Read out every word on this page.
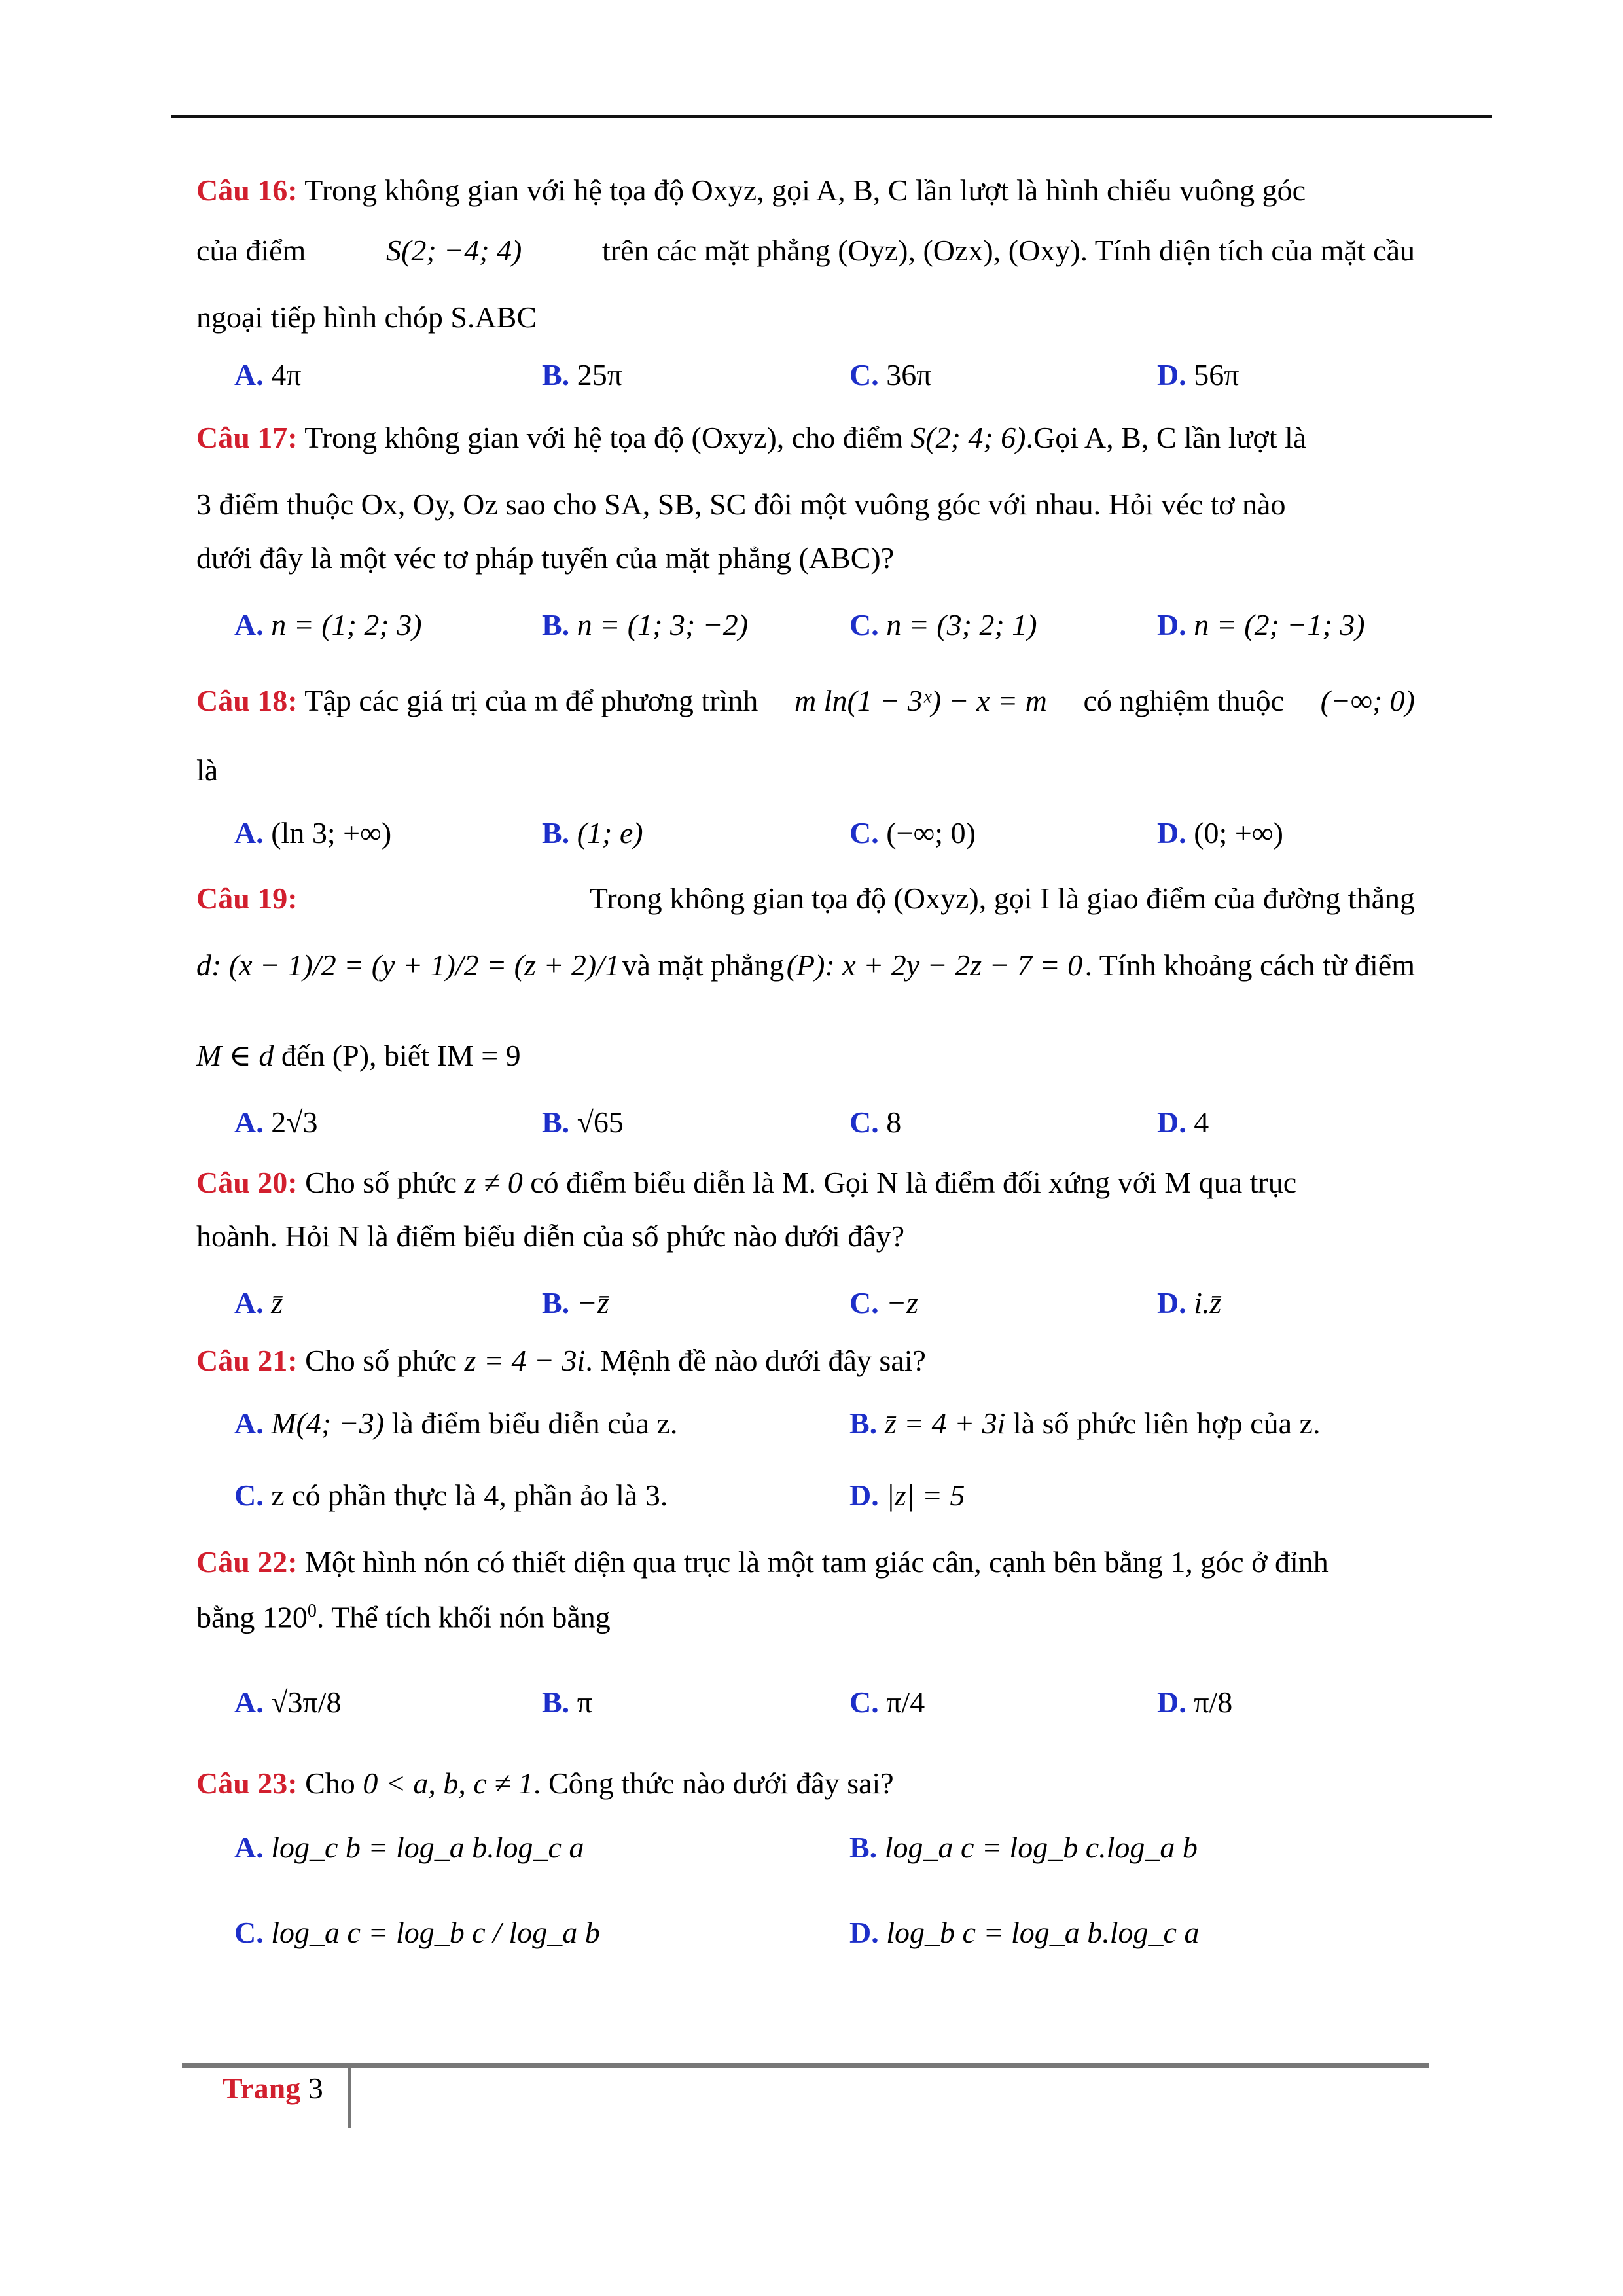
Câu 16: Trong không gian với hệ tọa độ Oxyz, gọi A, B, C lần lượt là hình chiếu vuông góc
của điểm	S(2; −4; 4)	trên các mặt phẳng (Oyz), (Ozx), (Oxy). Tính diện tích của mặt cầu
ngoại tiếp hình chóp S.ABC
A. 4π	B. 25π	C. 36π	D. 56π
Câu 17: Trong không gian với hệ tọa độ (Oxyz), cho điểm S(2; 4; 6).Gọi A, B, C lần lượt là
3 điểm thuộc Ox, Oy, Oz sao cho SA, SB, SC đôi một vuông góc với nhau. Hỏi véc tơ nào
dưới đây là một véc tơ pháp tuyến của mặt phẳng (ABC)?
A. n = (1; 2; 3)	B. n = (1; 3; −2)	C. n = (3; 2; 1)	D. n = (2; −1; 3)
Câu 18: Tập các giá trị của m để phương trình m ln(1 − 3ˣ) − x = m có nghiệm thuộc (−∞; 0)
là
A. (ln 3; +∞)	B. (1; e)	C. (−∞; 0)	D. (0; +∞)
Câu 19:	Trong không gian tọa độ (Oxyz), gọi I là giao điểm của đường thẳng
d: (x − 1)/2 = (y + 1)/2 = (z + 2)/1 và mặt phẳng (P): x + 2y − 2z − 7 = 0 . Tính khoảng cách từ điểm
M ∈ d đến (P), biết IM = 9
A. 2√3	B. √65	C. 8	D. 4
Câu 20: Cho số phức z ≠ 0 có điểm biểu diễn là M. Gọi N là điểm đối xứng với M qua trục
hoành. Hỏi N là điểm biểu diễn của số phức nào dưới đây?
A. z̄	B. −z̄	C. −z	D. i.z̄
Câu 21: Cho số phức z = 4 − 3i. Mệnh đề nào dưới đây sai?
A. M(4; −3) là điểm biểu diễn của z.	B. z̄ = 4 + 3i là số phức liên hợp của z.
C. z có phần thực là 4, phần ảo là 3.	D. |z| = 5
Câu 22: Một hình nón có thiết diện qua trục là một tam giác cân, cạnh bên bằng 1, góc ở đỉnh
bằng $120^0$. Thể tích khối nón bằng
A. √3π/8	B. π	C. π/4	D. π/8
Câu 23: Cho 0 < a, b, c ≠ 1. Công thức nào dưới đây sai?
A. log_c b = log_a b.log_c a	B. log_a c = log_b c.log_a b
C. log_a c = log_b c / log_a b	D. log_b c = log_a b.log_c a
Trang 3
